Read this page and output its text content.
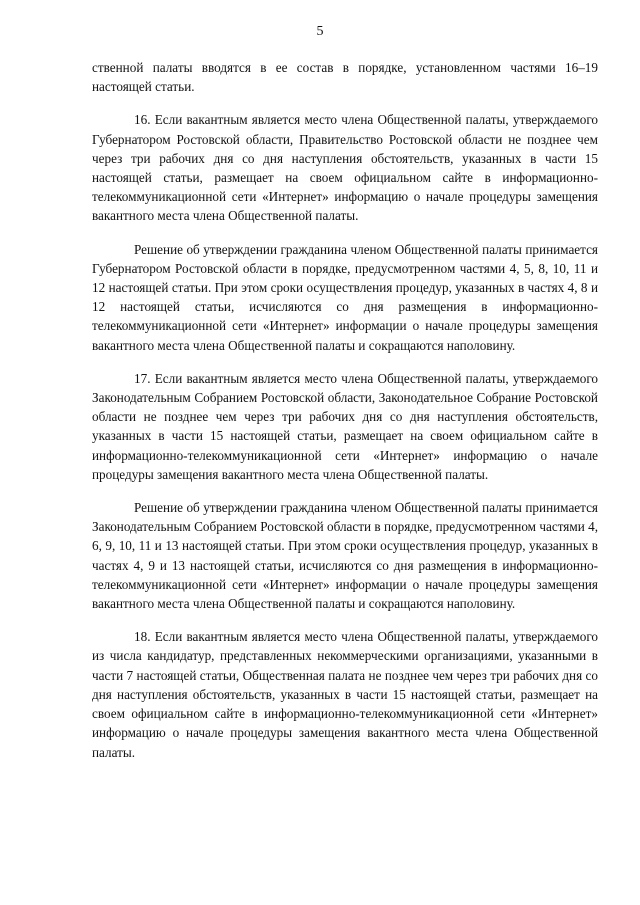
5

ственной палаты вводятся в ее состав в порядке, установленном частями 16–19 настоящей статьи.

16. Если вакантным является место члена Общественной палаты, утверждаемого Губернатором Ростовской области, Правительство Ростовской области не позднее чем через три рабочих дня со дня наступления обстоятельств, указанных в части 15 настоящей статьи, размещает на своем официальном сайте в информационно-телекоммуникационной сети «Интернет» информацию о начале процедуры замещения вакантного места члена Общественной палаты.

Решение об утверждении гражданина членом Общественной палаты принимается Губернатором Ростовской области в порядке, предусмотренном частями 4, 5, 8, 10, 11 и 12 настоящей статьи. При этом сроки осуществления процедур, указанных в частях 4, 8 и 12 настоящей статьи, исчисляются со дня размещения в информационно-телекоммуникационной сети «Интернет» информации о начале процедуры замещения вакантного места члена Общественной палаты и сокращаются наполовину.

17. Если вакантным является место члена Общественной палаты, утверждаемого Законодательным Собранием Ростовской области, Законодательное Собрание Ростовской области не позднее чем через три рабочих дня со дня наступления обстоятельств, указанных в части 15 настоящей статьи, размещает на своем официальном сайте в информационно-телекоммуникационной сети «Интернет» информацию о начале процедуры замещения вакантного места члена Общественной палаты.

Решение об утверждении гражданина членом Общественной палаты принимается Законодательным Собранием Ростовской области в порядке, предусмотренном частями 4, 6, 9, 10, 11 и 13 настоящей статьи. При этом сроки осуществления процедур, указанных в частях 4, 9 и 13 настоящей статьи, исчисляются со дня размещения в информационно-телекоммуникационной сети «Интернет» информации о начале процедуры замещения вакантного места члена Общественной палаты и сокращаются наполовину.

18. Если вакантным является место члена Общественной палаты, утверждаемого из числа кандидатур, представленных некоммерческими организациями, указанными в части 7 настоящей статьи, Общественная палата не позднее чем через три рабочих дня со дня наступления обстоятельств, указанных в части 15 настоящей статьи, размещает на своем официальном сайте в информационно-телекоммуникационной сети «Интернет» информацию о начале процедуры замещения вакантного места члена Общественной палаты.
